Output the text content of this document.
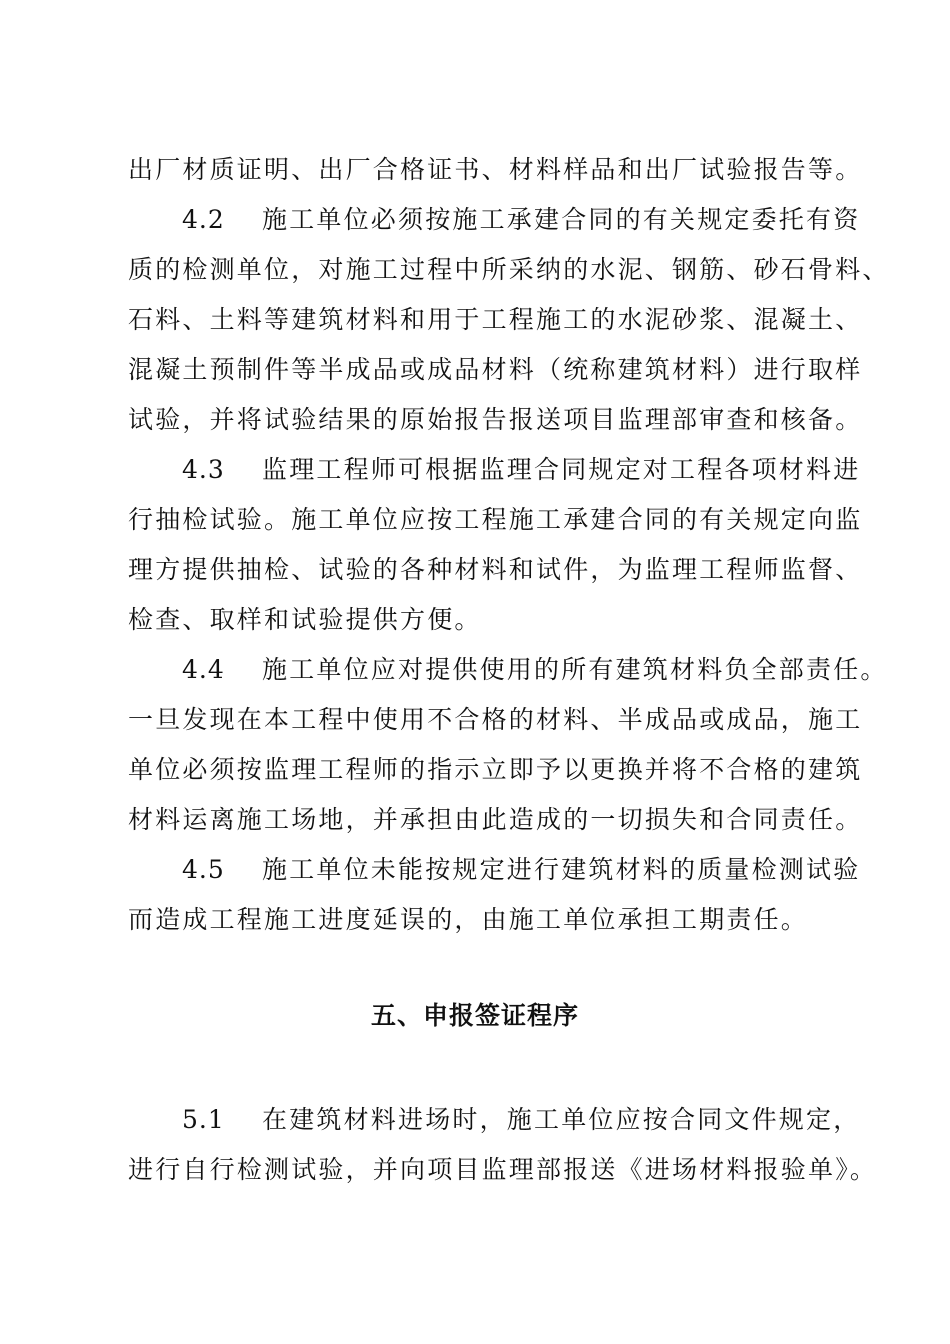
出厂材质证明、出厂合格证书、材料样品和出厂试验报告等。
4.2 施工单位必须按施工承建合同的有关规定委托有资
质的检测单位，对施工过程中所采纳的水泥、钢筋、砂石骨料、
石料、土料等建筑材料和用于工程施工的水泥砂浆、混凝土、
混凝土预制件等半成品或成品材料（统称建筑材料）进行取样
试验，并将试验结果的原始报告报送项目监理部审查和核备。
4.3 监理工程师可根据监理合同规定对工程各项材料进
行抽检试验。施工单位应按工程施工承建合同的有关规定向监
理方提供抽检、试验的各种材料和试件，为监理工程师监督、
检查、取样和试验提供方便。
4.4 施工单位应对提供使用的所有建筑材料负全部责任。
一旦发现在本工程中使用不合格的材料、半成品或成品，施工
单位必须按监理工程师的指示立即予以更换并将不合格的建筑
材料运离施工场地，并承担由此造成的一切损失和合同责任。
4.5 施工单位未能按规定进行建筑材料的质量检测试验
而造成工程施工进度延误的，由施工单位承担工期责任。
五、申报签证程序
5.1 在建筑材料进场时，施工单位应按合同文件规定，
进行自行检测试验，并向项目监理部报送《进场材料报验单》。
